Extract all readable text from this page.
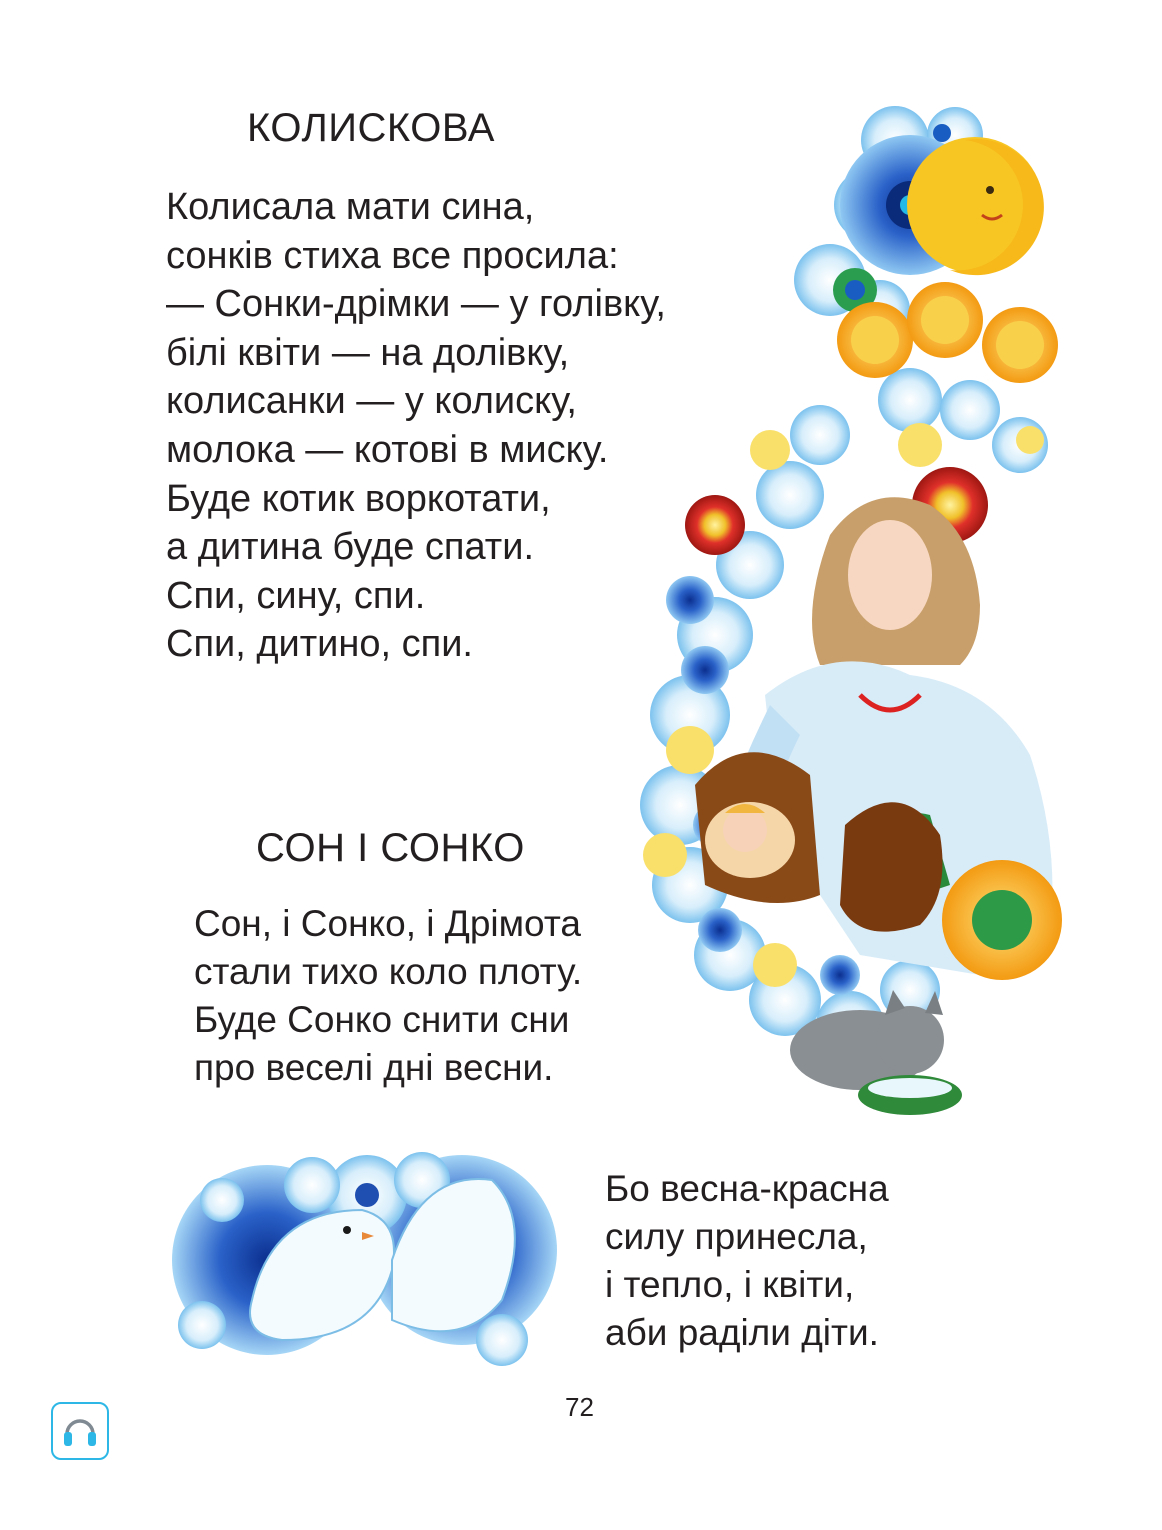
КОЛИСКОВА
Колисала мати сина,
сонків стиха все просила:
— Сонки-дрімки — у голівку,
білі квіти — на долівку,
колисанки — у колиску,
молока — котові в миску.
Буде котик воркотати,
а дитина буде спати.
Спи, сину, спи.
Спи, дитино, спи.
СОН І СОНКО
Сон, і Сонко, і Дрімота
стали тихо коло плоту.
Буде Сонко снити сни
про веселі дні весни.
Бо весна-красна
силу принесла,
і тепло, і квіти,
аби раділи діти.
72
